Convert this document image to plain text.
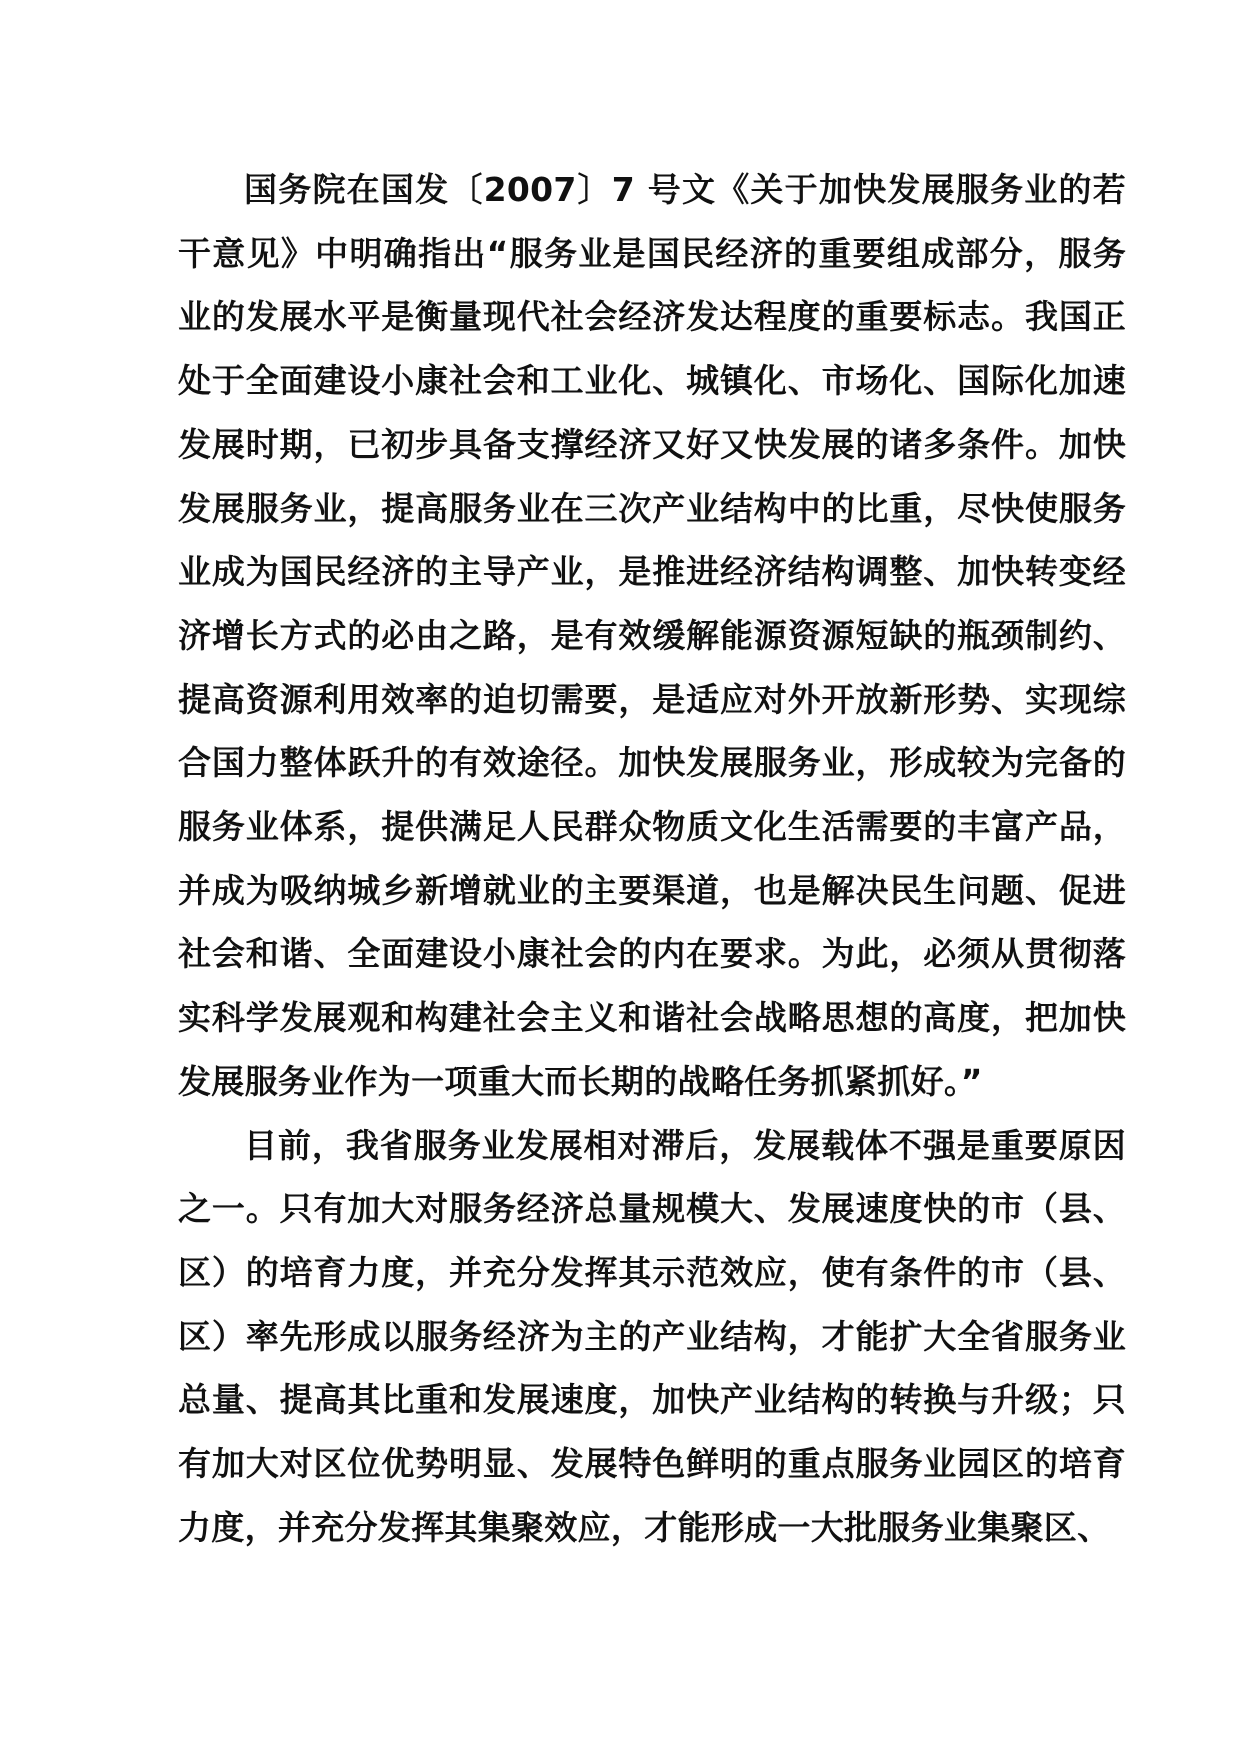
国务院在国发〔2007〕7 号文《关于加快发展服务业的若干意见》中明确指出“服务业是国民经济的重要组成部分，服务业的发展水平是衡量现代社会经济发达程度的重要标志。我国正处于全面建设小康社会和工业化、城镇化、市场化、国际化加速发展时期，已初步具备支撑经济又好又快发展的诸多条件。加快发展服务业，提高服务业在三次产业结构中的比重，尽快使服务业成为国民经济的主导产业，是推进经济结构调整、加快转变经济增长方式的必由之路，是有效缓解能源资源短缺的瓶颈制约、提高资源利用效率的迫切需要，是适应对外开放新形势、实现综合国力整体跃升的有效途径。加快发展服务业，形成较为完备的服务业体系，提供满足人民群众物质文化生活需要的丰富产品，并成为吸纳城乡新增就业的主要渠道，也是解决民生问题、促进社会和谐、全面建设小康社会的内在要求。为此，必须从贯彻落实科学发展观和构建社会主义和谐社会战略思想的高度，把加快发展服务业作为一项重大而长期的战略任务抓紧抓好。”

目前，我省服务业发展相对滞后，发展载体不强是重要原因之一。只有加大对服务经济总量规模大、发展速度快的市（县、区）的培育力度，并充分发挥其示范效应，使有条件的市（县、区）率先形成以服务经济为主的产业结构，才能扩大全省服务业总量、提高其比重和发展速度，加快产业结构的转换与升级；只有加大对区位优势明显、发展特色鲜明的重点服务业园区的培育力度，并充分发挥其集聚效应，才能形成一大批服务业集聚区、
